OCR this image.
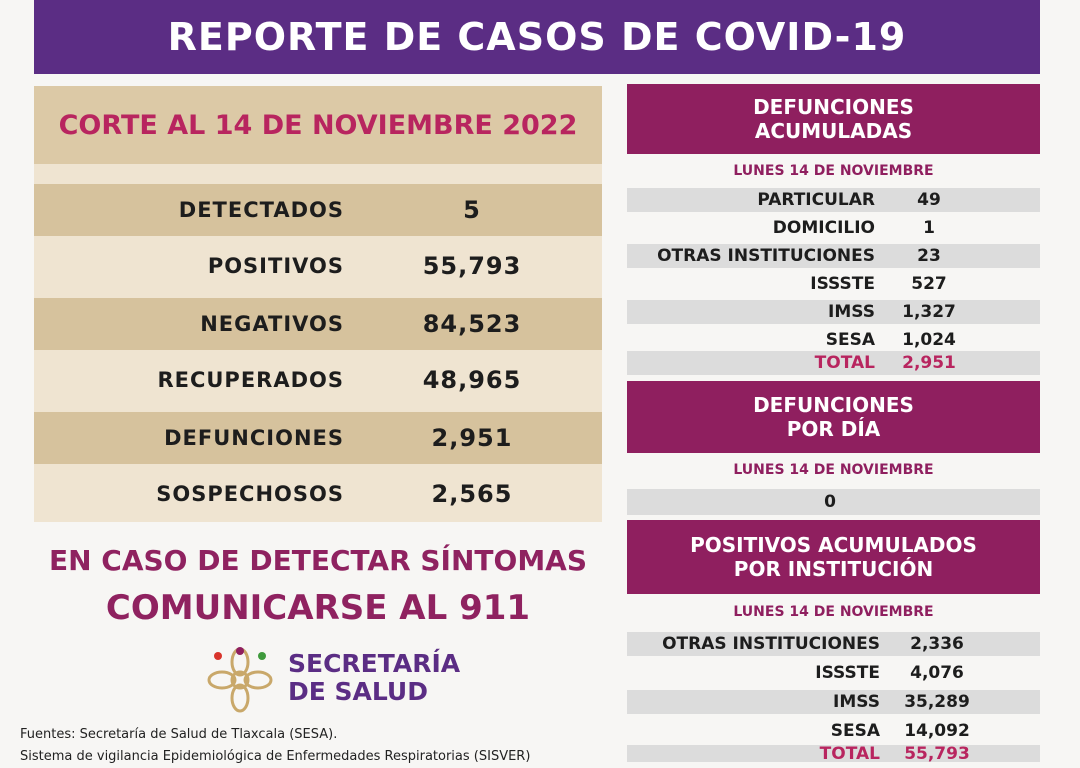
REPORTE DE CASOS DE COVID-19
CORTE AL 14 DE NOVIEMBRE 2022
DETECTADOS	5
POSITIVOS	55,793
NEGATIVOS	84,523
RECUPERADOS	48,965
DEFUNCIONES	2,951
SOSPECHOSOS	2,565
EN CASO DE DETECTAR SÍNTOMAS
COMUNICARSE AL 911
SECRETARÍA
DE SALUD
Fuentes: Secretaría de Salud de Tlaxcala (SESA).
Sistema de vigilancia Epidemiológica de Enfermedades Respiratorias (SISVER)
DEFUNCIONES
ACUMULADAS
LUNES 14 DE NOVIEMBRE
PARTICULAR	49
DOMICILIO	1
OTRAS INSTITUCIONES	23
ISSSTE	527
IMSS	1,327
SESA	1,024
TOTAL	2,951
DEFUNCIONES
POR DÍA
LUNES 14 DE NOVIEMBRE
0
POSITIVOS ACUMULADOS
POR INSTITUCIÓN
LUNES 14 DE NOVIEMBRE
OTRAS INSTITUCIONES	2,336
ISSSTE	4,076
IMSS	35,289
SESA	14,092
TOTAL	55,793
